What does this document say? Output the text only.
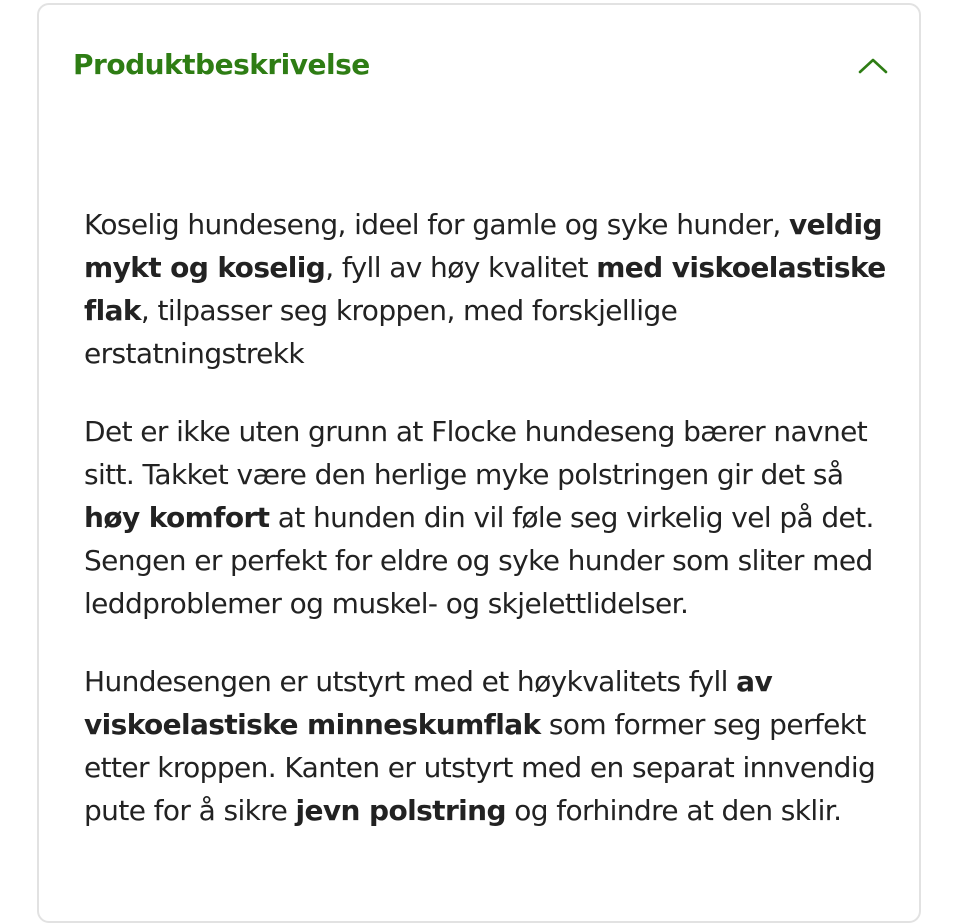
Produktbeskrivelse

Koselig hundeseng, ideel for gamle og syke hunder, veldig mykt og koselig, fyll av høy kvalitet med viskoelastiske flak, tilpasser seg kroppen, med forskjellige erstatningstrekk

Det er ikke uten grunn at Flocke hundeseng bærer navnet sitt. Takket være den herlige myke polstringen gir det så høy komfort at hunden din vil føle seg virkelig vel på det. Sengen er perfekt for eldre og syke hunder som sliter med leddproblemer og muskel- og skjelettlidelser.

Hundesengen er utstyrt med et høykvalitets fyll av viskoelastiske minneskumflak som former seg perfekt etter kroppen. Kanten er utstyrt med en separat innvendig pute for å sikre jevn polstring og forhindre at den sklir.
